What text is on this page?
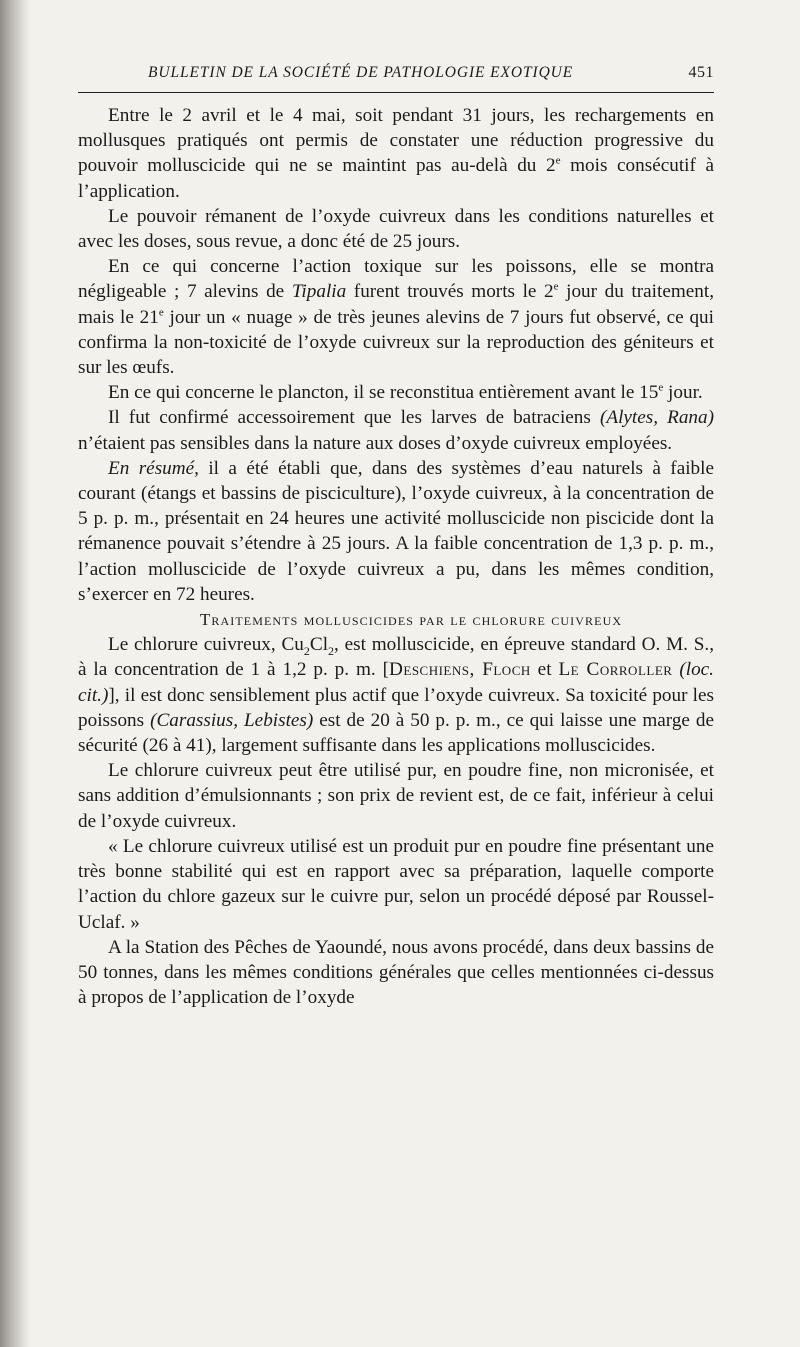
BULLETIN DE LA SOCIÉTÉ DE PATHOLOGIE EXOTIQUE	451

Entre le 2 avril et le 4 mai, soit pendant 31 jours, les rechargements en mollusques pratiqués ont permis de constater une réduction progressive du pouvoir molluscicide qui ne se maintint pas au-delà du 2e mois consécutif à l’application.

Le pouvoir rémanent de l’oxyde cuivreux dans les conditions naturelles et avec les doses, sous revue, a donc été de 25 jours.

En ce qui concerne l’action toxique sur les poissons, elle se montra négligeable ; 7 alevins de Tipalia furent trouvés morts le 2e jour du traitement, mais le 21e jour un « nuage » de très jeunes alevins de 7 jours fut observé, ce qui confirma la non-toxicité de l’oxyde cuivreux sur la reproduction des géniteurs et sur les œufs.

En ce qui concerne le plancton, il se reconstitua entièrement avant le 15e jour.

Il fut confirmé accessoirement que les larves de batraciens (Alytes, Rana) n’étaient pas sensibles dans la nature aux doses d’oxyde cuivreux employées.

En résumé, il a été établi que, dans des systèmes d’eau naturels à faible courant (étangs et bassins de pisciculture), l’oxyde cuivreux, à la concentration de 5 p. p. m., présentait en 24 heures une activité molluscicide non piscicide dont la rémanence pouvait s’étendre à 25 jours. A la faible concentration de 1,3 p. p. m., l’action molluscicide de l’oxyde cuivreux a pu, dans les mêmes condition, s’exercer en 72 heures.

Traitements molluscicides par le chlorure cuivreux

Le chlorure cuivreux, $Cu_2Cl_2$, est molluscicide, en épreuve standard O. M. S., à la concentration de 1 à 1,2 p. p. m. [Deschiens, Floch et Le Corroller (loc. cit.)], il est donc sensiblement plus actif que l’oxyde cuivreux. Sa toxicité pour les poissons (Carassius, Lebistes) est de 20 à 50 p. p. m., ce qui laisse une marge de sécurité (26 à 41), largement suffisante dans les applications molluscicides.

Le chlorure cuivreux peut être utilisé pur, en poudre fine, non micronisée, et sans addition d’émulsionnants ; son prix de revient est, de ce fait, inférieur à celui de l’oxyde cuivreux.

« Le chlorure cuivreux utilisé est un produit pur en poudre fine présentant une très bonne stabilité qui est en rapport avec sa préparation, laquelle comporte l’action du chlore gazeux sur le cuivre pur, selon un procédé déposé par Roussel-Uclaf. »

A la Station des Pêches de Yaoundé, nous avons procédé, dans deux bassins de 50 tonnes, dans les mêmes conditions générales que celles mentionnées ci-dessus à propos de l’application de l’oxyde
